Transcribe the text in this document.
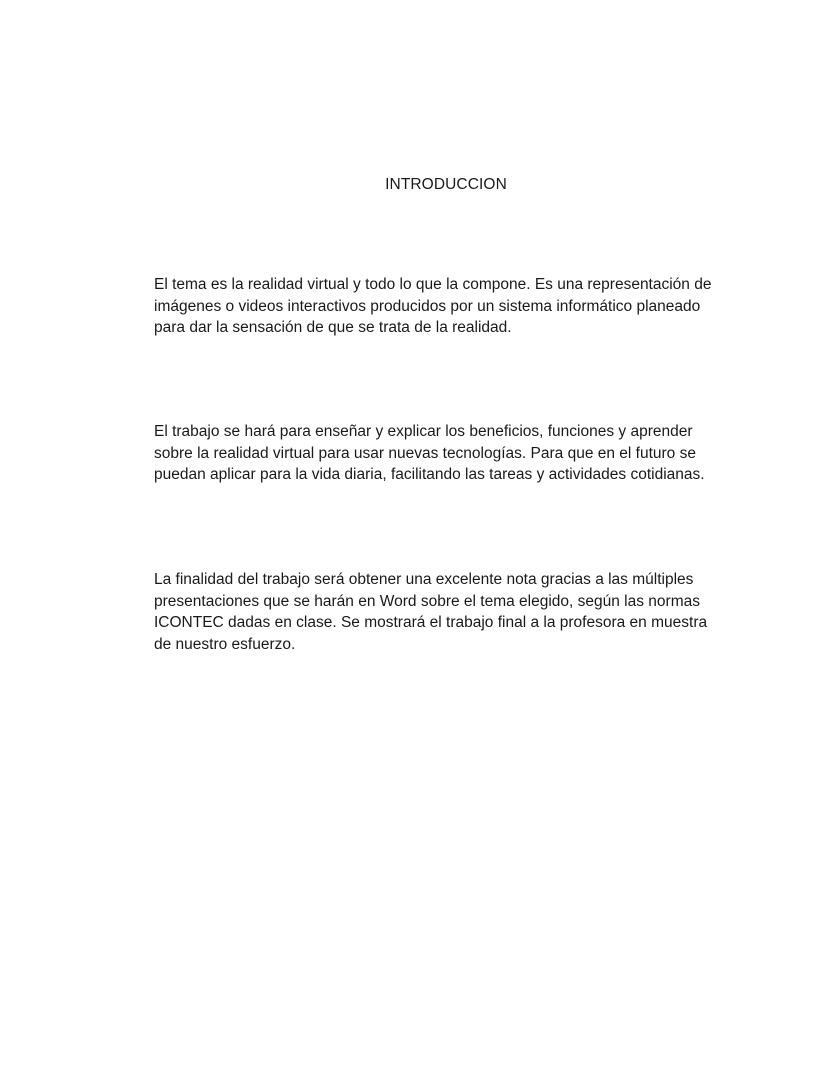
INTRODUCCION
El tema es la realidad virtual y todo lo que la compone. Es una representación de
imágenes o videos interactivos producidos por un sistema informático planeado
para dar la sensación de que se trata de la realidad.
El trabajo se hará para enseñar y explicar los beneficios, funciones y aprender
sobre la realidad virtual para usar nuevas tecnologías. Para que en el futuro se
puedan aplicar para la vida diaria, facilitando las tareas y actividades cotidianas.
La finalidad del trabajo será obtener una excelente nota gracias a las múltiples
presentaciones que se harán en Word sobre el tema elegido, según las normas
ICONTEC dadas en clase. Se mostrará el trabajo final a la profesora en muestra
de nuestro esfuerzo.
